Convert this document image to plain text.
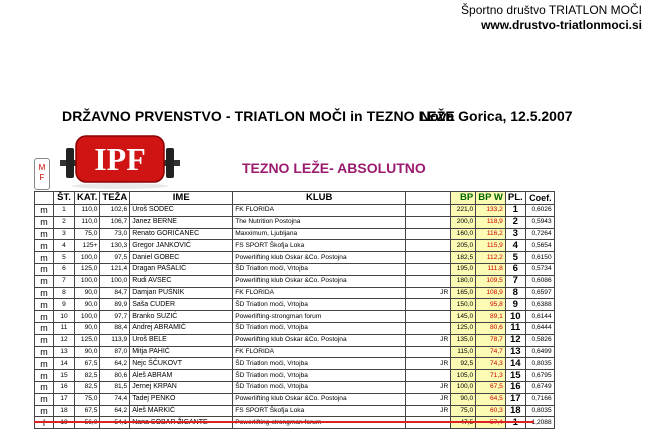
Športno društvo TRIATLON MOČI
www.drustvo-triatlonmoci.si
DRŽAVNO PRVENSTVO - TRIATLON MOČI in TEZNO LEŽE
Nova Gorica, 12.5.2007
IPF
M
F
TEZNO LEŽE- ABSOLUTNO
	ŠT.	KAT.	TEŽA	IME	KLUB		BP	BP W	PL.	Coef.
m	1	110,0	102,6	Uroš SODEC	FK FLORIDA		221,0	133,2	1	0,6026
m	2	110,0	106,7	Janez BERNE	The Nutrition Postojna		200,0	118,9	2	0,5943
m	3	75,0	73,0	Renato GORIČANEC	Maxximum, Ljubljana		160,0	116,2	3	0,7264
m	4	125+	130,3	Gregor JANKOVIĆ	FS SPORT Škofja Loka		205,0	115,9	4	0,5654
m	5	100,0	97,5	Daniel GOBEC	Powerlifting klub Oskar &Co. Postojna		182,5	112,2	5	0,6150
m	6	125,0	121,4	Dragan PAŠALIĆ	ŠD Triatlon moči, Vrtojba		195,0	111,8	6	0,5734
m	7	100,0	100,0	Rudi AVSEC	Powerlifting klub Oskar &Co. Postojna		180,0	109,5	7	0,6086
m	8	90,0	84,7	Damjan PUŠNIK	FK FLORIDA	JR	165,0	108,9	8	0,6597
m	9	90,0	89,9	Saša CUDER	ŠD Triatlon moči, Vrtojba		150,0	95,8	9	0,6388
m	10	100,0	97,7	Branko SUZIĆ	Powerlifting-strongman forum		145,0	89,1	10	0,6144
m	11	90,0	88,4	Andrej ABRAMIČ	ŠD Triatlon moči, Vrtojba		125,0	80,6	11	0,6444
m	12	125,0	113,9	Uroš BELE	Powerlifting klub Oskar &Co. Postojna	JR	135,0	78,7	12	0,5826
m	13	90,0	87,0	Mitja PAHIČ	FK FLORIDA		115,0	74,7	13	0,6499
m	14	67,5	64,2	Nejc ŠČUKOVT	ŠD Triatlon moči, Vrtojba	JR	92,5	74,3	14	0,8035
m	15	82,5	80,6	Aleš ABRAM	ŠD Triatlon moči, Vrtojba		105,0	71,3	15	0,6795
m	16	82,5	81,5	Jernej KRPAN	ŠD Triatlon moči, Vrtojba	JR	100,0	67,5	16	0,6749
m	17	75,0	74,4	Tadej PENKO	Powerlifting klub Oskar &Co. Postojna	JR	90,0	64,5	17	0,7166
m	18	67,5	64,2	Aleš MARKIČ	FS SPORT Škofja Loka	JR	75,0	60,3	18	0,8035
f	19	56,0	54,1	Nana SOBAR ŽIGANTE	Powerlifting-strongman forum		47,5	57,4	1	1,2088
